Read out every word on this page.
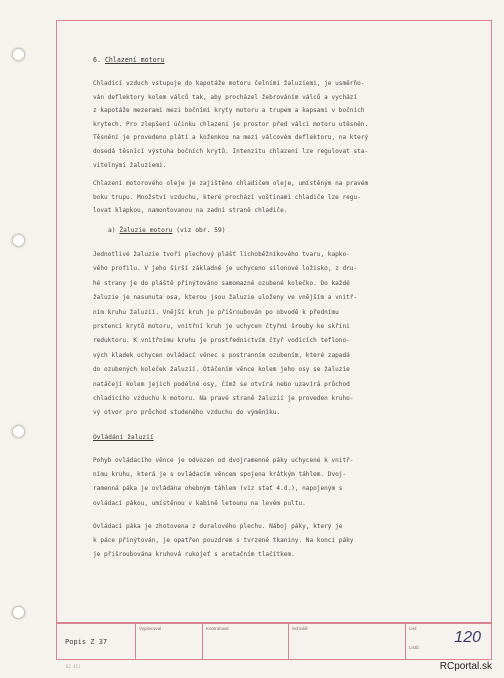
6. Chlazení motoru
Chladící vzduch vstupuje do kapotáže motoru čelními žaluziemi, je usměrňo-
ván deflektory kolem válců tak, aby procházel žebrováním válců a vychází
z kapotáže mezerami mezi bočními kryty motoru a trupem a kapsami v bočních
krytech. Pro zlepšení účinku chlazení je prostor před válci motoru utěsněn.
Těsnění je provedeno plátí a koženkou na mezi válcovém deflektoru, na který
dosedá těsnící výstuha bočních krytů. Intenzitu chlazení lze regulovat sta-
vitelnými žaluziemi.
Chlazení motorového oleje je zajištěno chladičem oleje, umístěným na pravém
boku trupu. Množství vzduchu, které prochází voštinami chladiče lze regu-
lovat klapkou, namontovanou na zadní straně chladiče.
a) Žaluzie motoru (viz obr. 59)
Jednotlivé žaluzie tvoří plechový plášť lichoběžníkového tvaru, kapko-
vého profilu. V jeho širší základně je uchyceno silonové ložisko, z dru-
hé strany je do pláště přinýtováno samomazné ozubené kolečko. Do každé
žaluzie je nasunuta osa, kterou jsou žaluzie uloženy ve vnějším a vnitř-
ním kruhu žaluzií. Vnější kruh je přišroubován po obvodě k přednímu
prstenci krytů motoru, vnitřní kruh je uchycen čtyřmi šrouby ke skříni
reduktoru. K vnitřnímu kruhu je prostřednictvím čtyř vodících teflono-
vých kladek uchycen ovládací věnec s postranním ozubením, které zapadá
do ozubených koleček žaluzií. Otáčením věnce kolem jeho osy se žaluzie
natáčejí kolem jejich podélné osy, čímž se otvírá nebo uzavírá průchod
chladícího vzduchu k motoru. Na pravé straně žaluzií je proveden kruho-
vý otvor pro průchod studeného vzduchu do výměníku.
Ovládání žaluzií
Pohyb ovládacího věnce je odvozen od dvojramenné páky uchycené k vnitř-
nímu kruhu, která je s ovládacím věncem spojena krátkým táhlem. Dvoj-
ramenná páka je ovládána ohebným táhlem (viz stať 4.d.), napojeným s
ovládací pákou, umístěnou v kabině letounu na levém pultu.
Ovládací páka je zhotovena z duralového plechu. Náboj páky, který je
k páce přinýtován, je opatřen pouzdrem s tvrzené tkaniny. Na konci páky
je přišroubována kruhová rukojeť s aretačním tlačítkem.
Popis Z 37
Vypracoval	Kontroloval	Schválil	List:
Listů:
120
02.411	RCportal.sk
